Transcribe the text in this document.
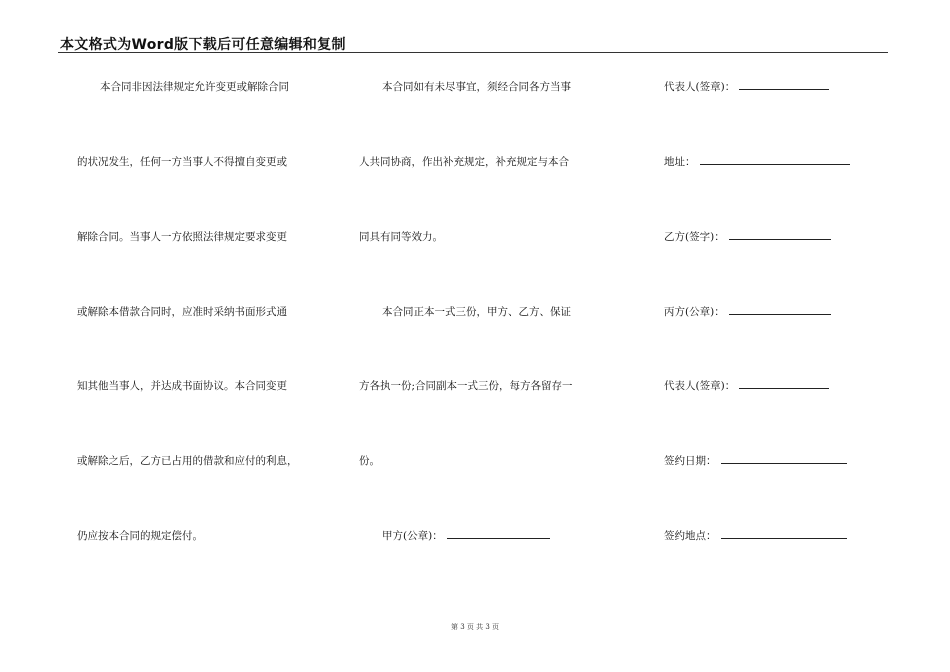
本文格式为Word版下载后可任意编辑和复制
本合同非因法律规定允许变更或解除合同
的状况发生，任何一方当事人不得擅自变更或
解除合同。当事人一方依照法律规定要求变更
或解除本借款合同时，应准时采纳书面形式通
知其他当事人，并达成书面协议。本合同变更
或解除之后，乙方已占用的借款和应付的利息，
仍应按本合同的规定偿付。
本合同如有未尽事宜，须经合同各方当事
人共同协商，作出补充规定，补充规定与本合
同具有同等效力。
本合同正本一式三份，甲方、乙方、保证
方各执一份;合同副本一式三份，每方各留存一
份。
甲方(公章)：
代表人(签章)：
地址：
乙方(签字)：
丙方(公章)：
代表人(签章)：
签约日期：
签约地点：
第 3 页 共 3 页
